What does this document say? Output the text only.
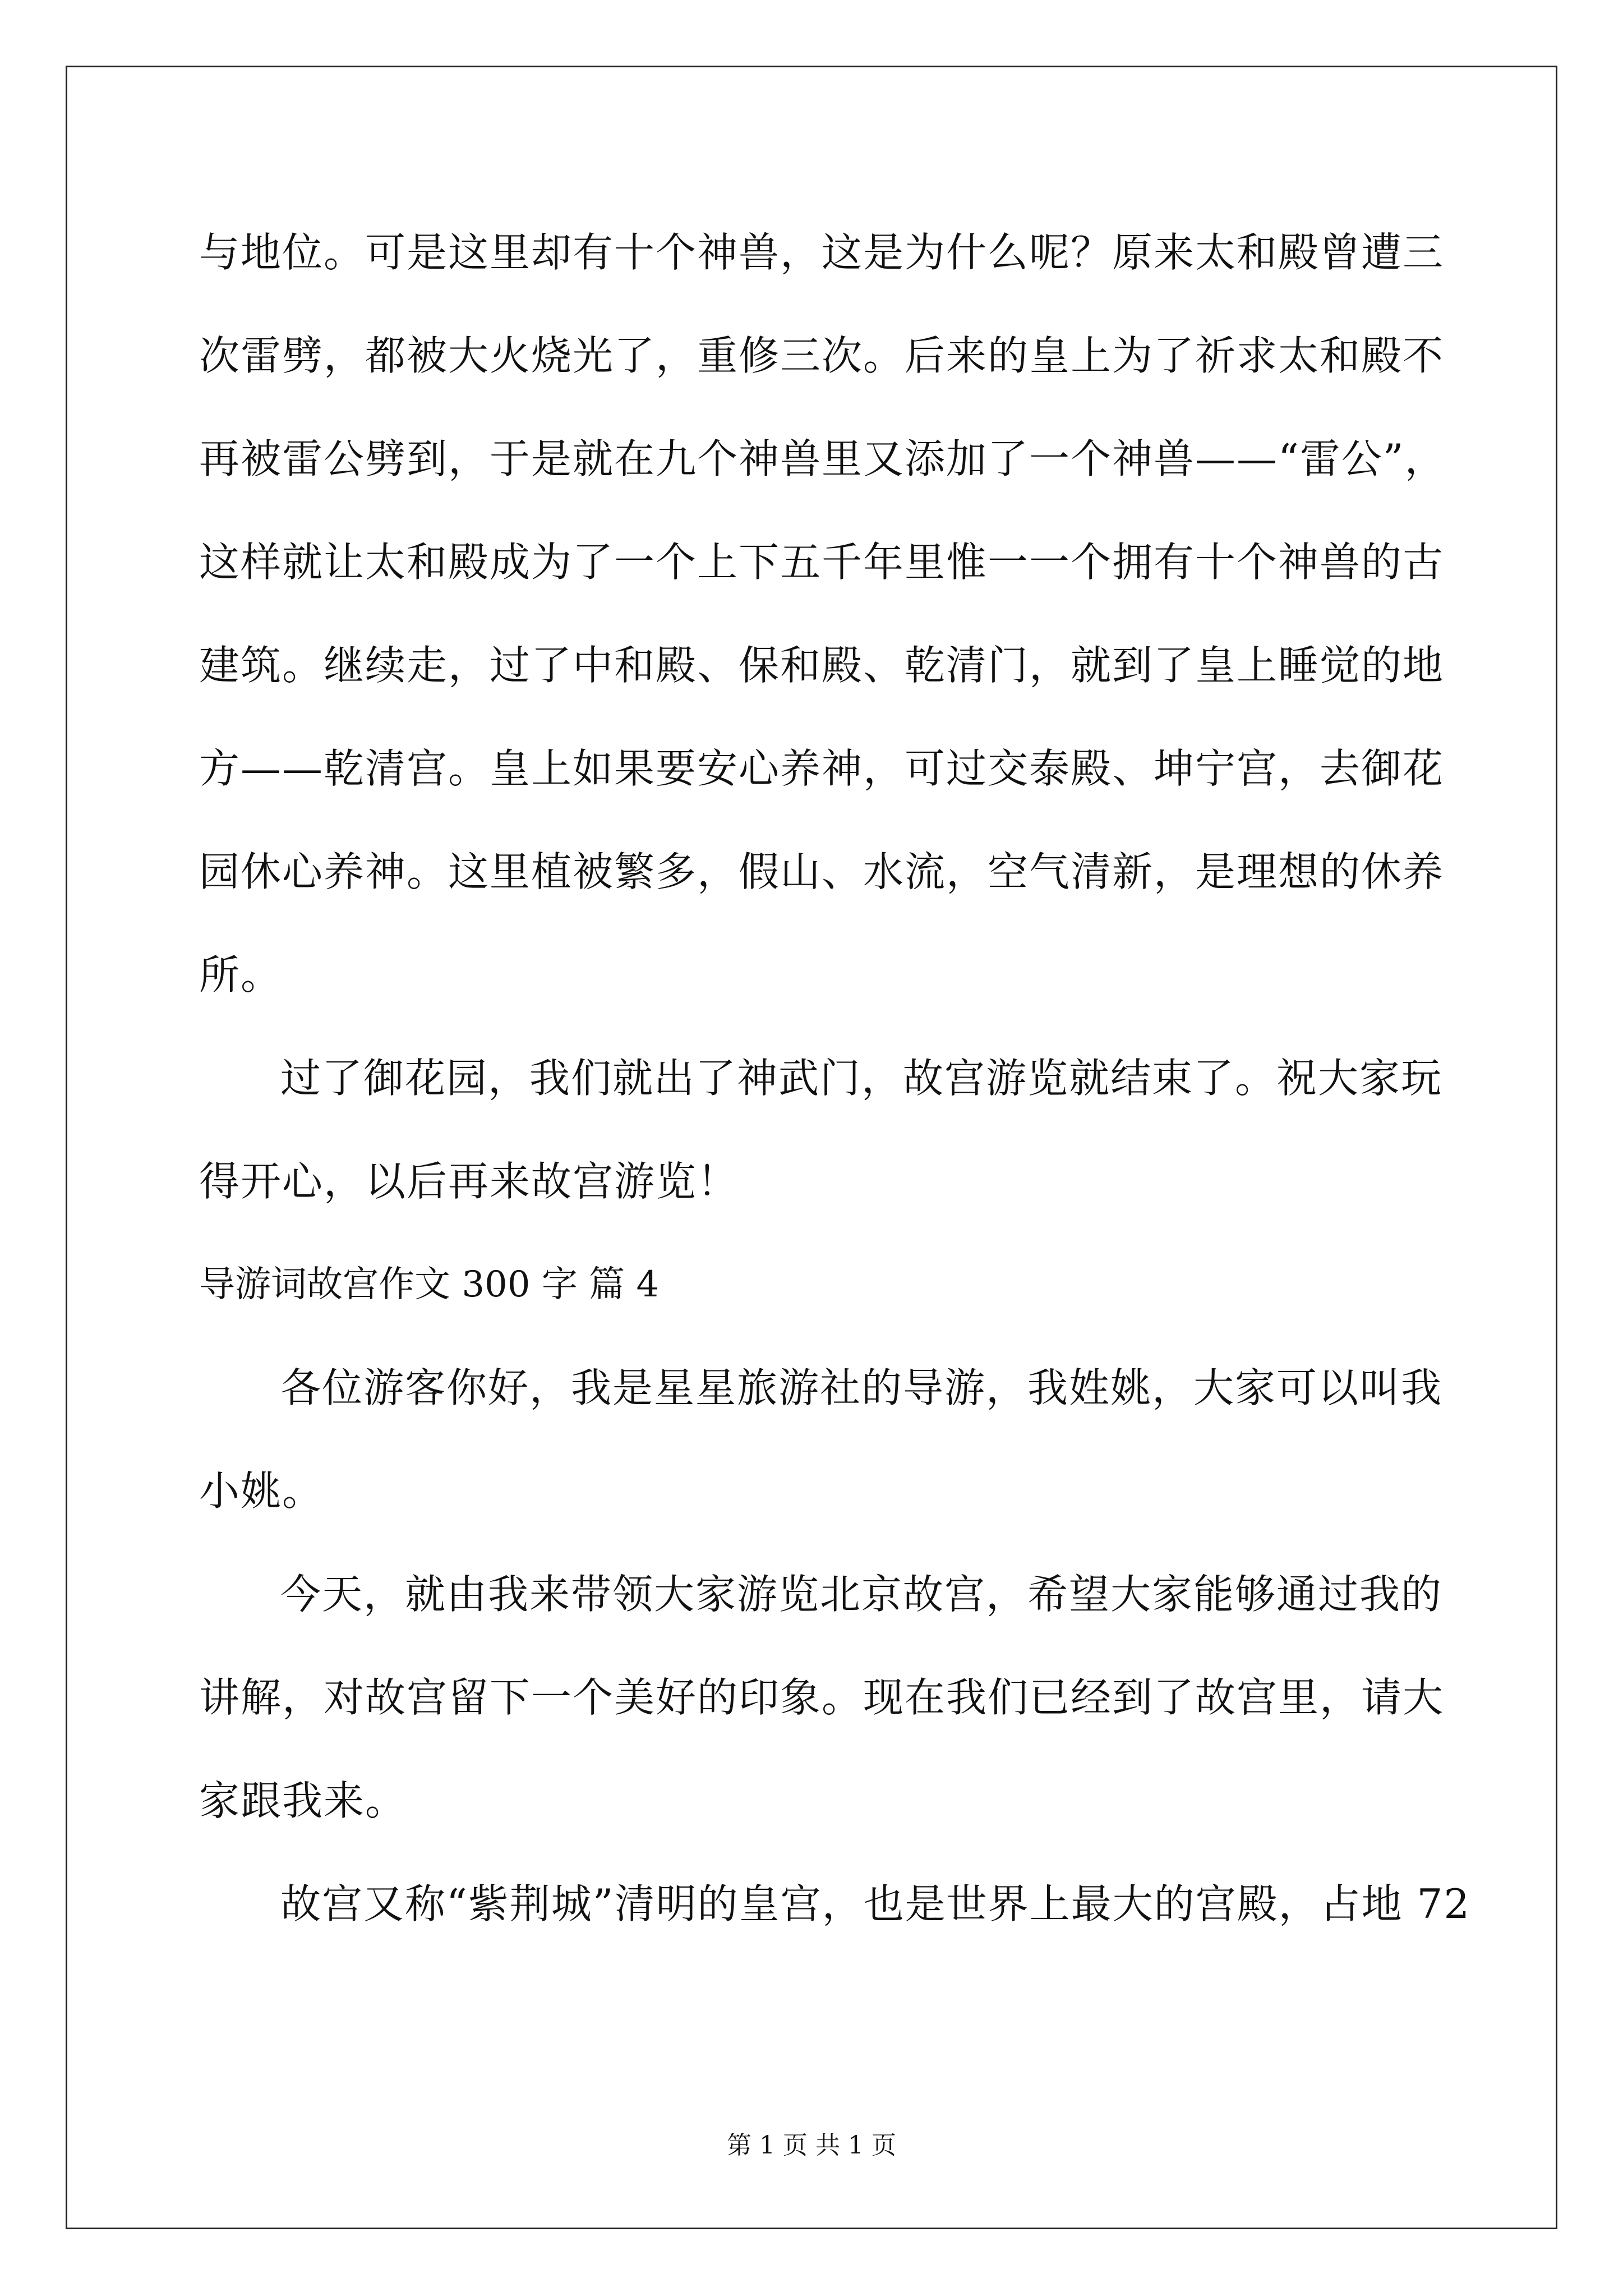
与地位。可是这里却有十个神兽，这是为什么呢？原来太和殿曾遭三
次雷劈，都被大火烧光了，重修三次。后来的皇上为了祈求太和殿不
再被雷公劈到，于是就在九个神兽里又添加了一个神兽——“雷公”，
这样就让太和殿成为了一个上下五千年里惟一一个拥有十个神兽的古
建筑。继续走，过了中和殿、保和殿、乾清门，就到了皇上睡觉的地
方——乾清宫。皇上如果要安心养神，可过交泰殿、坤宁宫，去御花
园休心养神。这里植被繁多，假山、水流，空气清新，是理想的休养
所。
过了御花园，我们就出了神武门，故宫游览就结束了。祝大家玩
得开心，以后再来故宫游览！
导游词故宫作文 300 字 篇 4
各位游客你好，我是星星旅游社的导游，我姓姚，大家可以叫我
小姚。
今天，就由我来带领大家游览北京故宫，希望大家能够通过我的
讲解，对故宫留下一个美好的印象。现在我们已经到了故宫里，请大
家跟我来。
故宫又称“紫荆城”清明的皇宫，也是世界上最大的宫殿，占地 72
第 1 页 共 1 页
